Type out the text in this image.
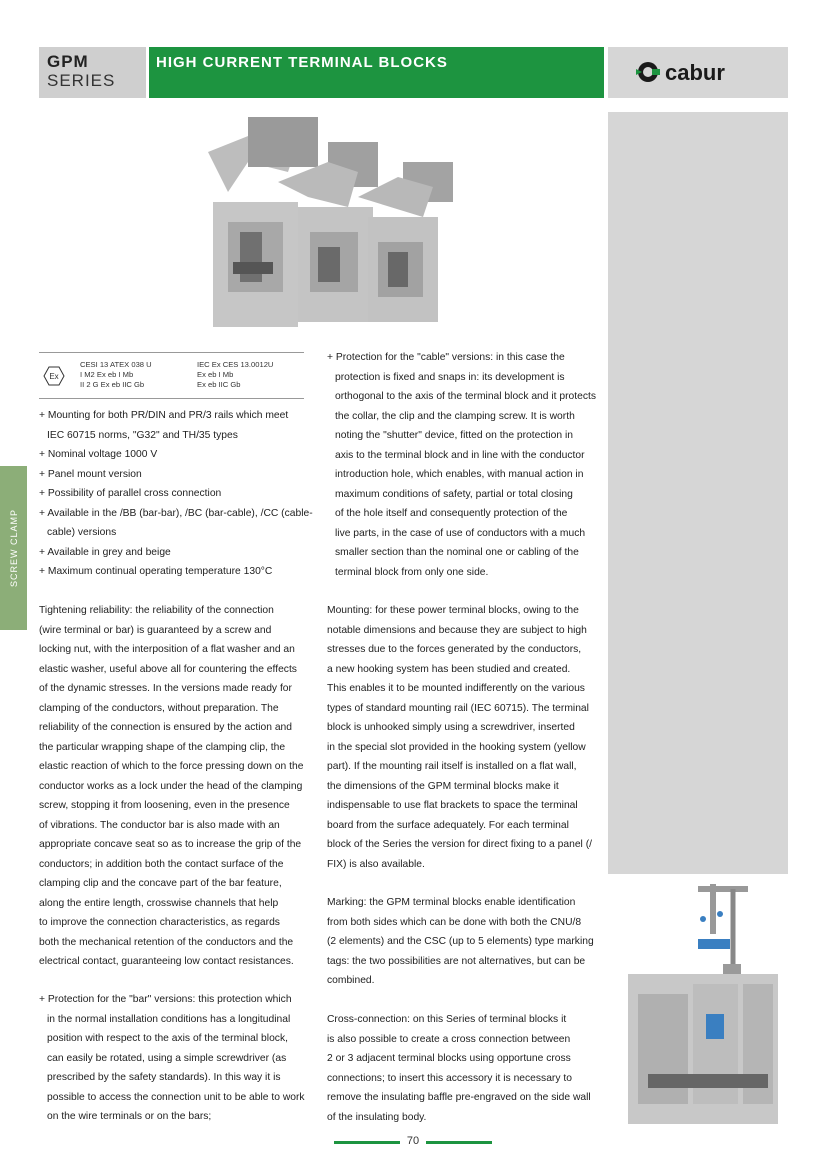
GPM
SERIES
HIGH CURRENT TERMINAL BLOCKS	cabur
SCREW CLAMP
Ex
CESI 13 ATEX 038 U
I M2 Ex eb I Mb
II 2 G Ex eb IIC Gb
IEC Ex CES 13.0012U
Ex eb I Mb
Ex eb IIC Gb
+ Mounting for both PR/DIN and PR/3 rails which meet
IEC 60715 norms, "G32" and TH/35 types
+ Nominal voltage 1000 V
+ Panel mount version
+ Possibility of parallel cross connection
+ Available in the /BB (bar-bar), /BC (bar-cable), /CC (cable-
cable) versions
+ Available in grey and beige
+ Maximum continual operating temperature 130°C
Tightening reliability: the reliability of the connection
(wire terminal or bar) is guaranteed by a screw and
locking nut, with the interposition of a flat washer and an
elastic washer, useful above all for countering the effects
of the dynamic stresses. In the versions made ready for
clamping of the conductors, without preparation. The
reliability of the connection is ensured by the action and
the particular wrapping shape of the clamping clip, the
elastic reaction of which to the force pressing down on the
conductor works as a lock under the head of the clamping
screw, stopping it from loosening, even in the presence
of vibrations. The conductor bar is also made with an
appropriate concave seat so as to increase the grip of the
conductors; in addition both the contact surface of the
clamping clip and the concave part of the bar feature,
along the entire length, crosswise channels that help
to improve the connection characteristics, as regards
both the mechanical retention of the conductors and the
electrical contact, guaranteeing low contact resistances.
+ Protection for the "bar" versions: this protection which
in the normal installation conditions has a longitudinal
position with respect to the axis of the terminal block,
can easily be rotated, using a simple screwdriver (as
prescribed by the safety standards). In this way it is
possible to access the connection unit to be able to work
on the wire terminals or on the bars;
+ Protection for the "cable" versions: in this case the
protection is fixed and snaps in: its development is
orthogonal to the axis of the terminal block and it protects
the collar, the clip and the clamping screw. It is worth
noting the "shutter" device, fitted on the protection in
axis to the terminal block and in line with the conductor
introduction hole, which enables, with manual action in
maximum conditions of safety, partial or total closing
of the hole itself and consequently protection of the
live parts, in the case of use of conductors with a much
smaller section than the nominal one or cabling of the
terminal block from only one side.
Mounting: for these power terminal blocks, owing to the
notable dimensions and because they are subject to high
stresses due to the forces generated by the conductors,
a new hooking system has been studied and created.
This enables it to be mounted indifferently on the various
types of standard mounting rail (IEC 60715). The terminal
block is unhooked simply using a screwdriver, inserted
in the special slot provided in the hooking system (yellow
part). If the mounting rail itself is installed on a flat wall,
the dimensions of the GPM terminal blocks make it
indispensable to use flat brackets to space the terminal
board from the surface adequately. For each terminal
block of the Series the version for direct fixing to a panel (/
FIX) is also available.
Marking: the GPM terminal blocks enable identification
from both sides which can be done with both the CNU/8
(2 elements) and the CSC (up to 5 elements) type marking
tags: the two possibilities are not alternatives, but can be
combined.
Cross-connection: on this Series of terminal blocks it
is also possible to create a cross connection between
2 or 3 adjacent terminal blocks using opportune cross
connections; to insert this accessory it is necessary to
remove the insulating baffle pre-engraved on the side wall
of the insulating body.
70
